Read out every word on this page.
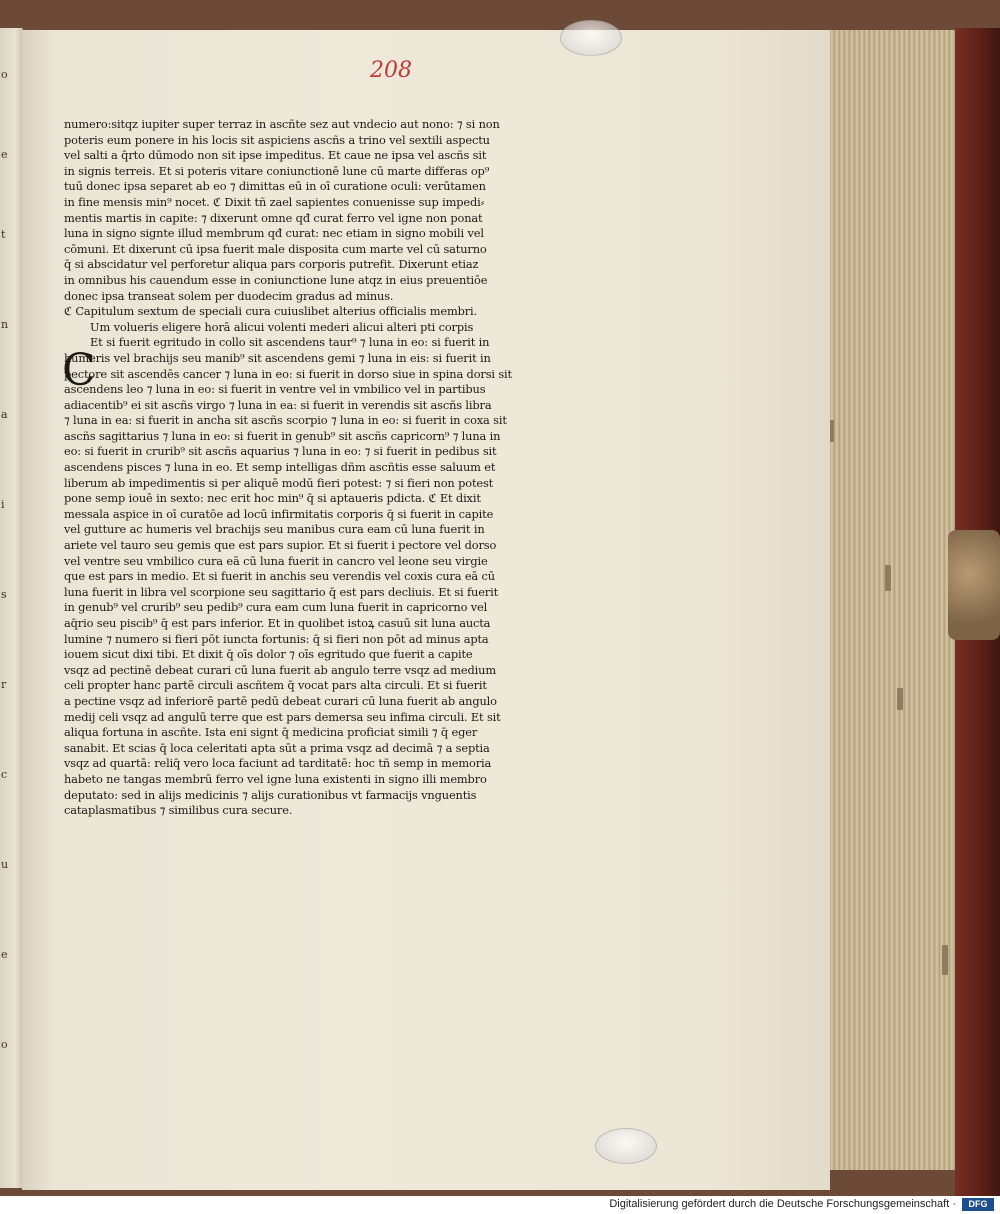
o
e
t
n
a
i
s
r
c
u
e
o
208
C
numero:sitqz iupiter super terraz in ascñte sez aut vndecio aut nono: ⁊ si non
poteris eum ponere in his locis sit aspiciens ascñs a trino vel sextili aspectu
vel salti a q̄rto dūmodo non sit ipse impeditus. Et caue ne ipsa vel ascñs sit
in signis terreis. Et si poteris vitare coniunctionē lune cū marte differas op⁹
tuū donec ipsa separet ab eo ⁊ dimittas eū in oī curatione oculi: verūtamen
in fine mensis min⁹ nocet. ℭ Dixit tñ zael sapientes conuenisse sup impedi⸗
mentis martis in capite: ⁊ dixerunt omne qđ curat ferro vel igne non ponat
luna in signo signte illud membrum qđ curat: nec etiam in signo mobili vel
cōmuni. Et dixerunt cū ipsa fuerit male disposita cum marte vel cū saturno
q̄ si abscidatur vel perforetur aliqua pars corporis putrefit. Dixerunt etiaz
in omnibus his cauendum esse in coniunctione lune atqz in eius preuentiōe
donec ipsa transeat solem per duodecim gradus ad minus.
ℭ Capitulum sextum de speciali cura cuiuslibet alterius officialis membri.
Um volueris eligere horā alicui volenti mederi alicui alteri pti corpis
Et si fuerit egritudo in collo sit ascendens taur⁹ ⁊ luna in eo: si fuerit in
humeris vel brachijs seu manib⁹ sit ascendens gemi ⁊ luna in eis: si fuerit in
pectore sit ascendēs cancer ⁊ luna in eo: si fuerit in dorso siue in spina dorsi sit
ascendens leo ⁊ luna in eo: si fuerit in ventre vel in vmbilico vel in partibus
adiacentib⁹ ei sit ascñs virgo ⁊ luna in ea: si fuerit in verendis sit ascñs libra
⁊ luna in ea: si fuerit in ancha sit ascñs scorpio ⁊ luna in eo: si fuerit in coxa sit
ascñs sagittarius ⁊ luna in eo: si fuerit in genub⁹ sit ascñs capricorn⁹ ⁊ luna in
eo: si fuerit in crurib⁹ sit ascñs aquarius ⁊ luna in eo: ⁊ si fuerit in pedibus sit
ascendens pisces ⁊ luna in eo. Et semp intelligas dñm ascñtis esse saluum et
liberum ab impedimentis si per aliquē modū fieri potest: ⁊ si fieri non potest
pone semp iouē in sexto: nec erit hoc min⁹ q̄ si aptaueris pdicta. ℭ Et dixit
messala aspice in oī curatōe ad locū infirmitatis corporis q̄ si fuerit in capite
vel gutture ac humeris vel brachijs seu manibus cura eam cū luna fuerit in
ariete vel tauro seu gemis que est pars supior. Et si fuerit i pectore vel dorso
vel ventre seu vmbilico cura eā cū luna fuerit in cancro vel leone seu virgie
que est pars in medio. Et si fuerit in anchis seu verendis vel coxis cura eā cū
luna fuerit in libra vel scorpione seu sagittario q̄ est pars decliuis. Et si fuerit
in genub⁹ vel crurib⁹ seu pedib⁹ cura eam cum luna fuerit in capricorno vel
aq̄rio seu piscib⁹ q̄ est pars inferior. Et in quolibet istoꝝ casuū sit luna aucta
lumine ⁊ numero si fieri pōt iuncta fortunis: q̄ si fieri non pōt ad minus apta
iouem sicut dixi tibi. Et dixit q̄ oīs dolor ⁊ oīs egritudo que fuerit a capite
vsqz ad pectinē debeat curari cū luna fuerit ab angulo terre vsqz ad medium
celi propter hanc partē circuli ascñtem q̄ vocat pars alta circuli. Et si fuerit
a pectine vsqz ad inferiorē partē pedū debeat curari cū luna fuerit ab angulo
medij celi vsqz ad angulū terre que est pars demersa seu infima circuli. Et sit
aliqua fortuna in ascñte. Ista eni signt q̄ medicina proficiat simili ⁊ q̄ eger
sanabit. Et scias q̄ loca celeritati apta sūt a prima vsqz ad decimā ⁊ a septia
vsqz ad quartā: reliq̄ vero loca faciunt ad tarditatē: hoc tñ semp in memoria
habeto ne tangas membrū ferro vel igne luna existenti in signo illi membro
deputato: sed in alijs medicinis ⁊ alijs curationibus vt farmacijs vnguentis
cataplasmatibus ⁊ similibus cura secure.
Digitalisierung gefördert durch die Deutsche Forschungsgemeinschaft ·	DFG
